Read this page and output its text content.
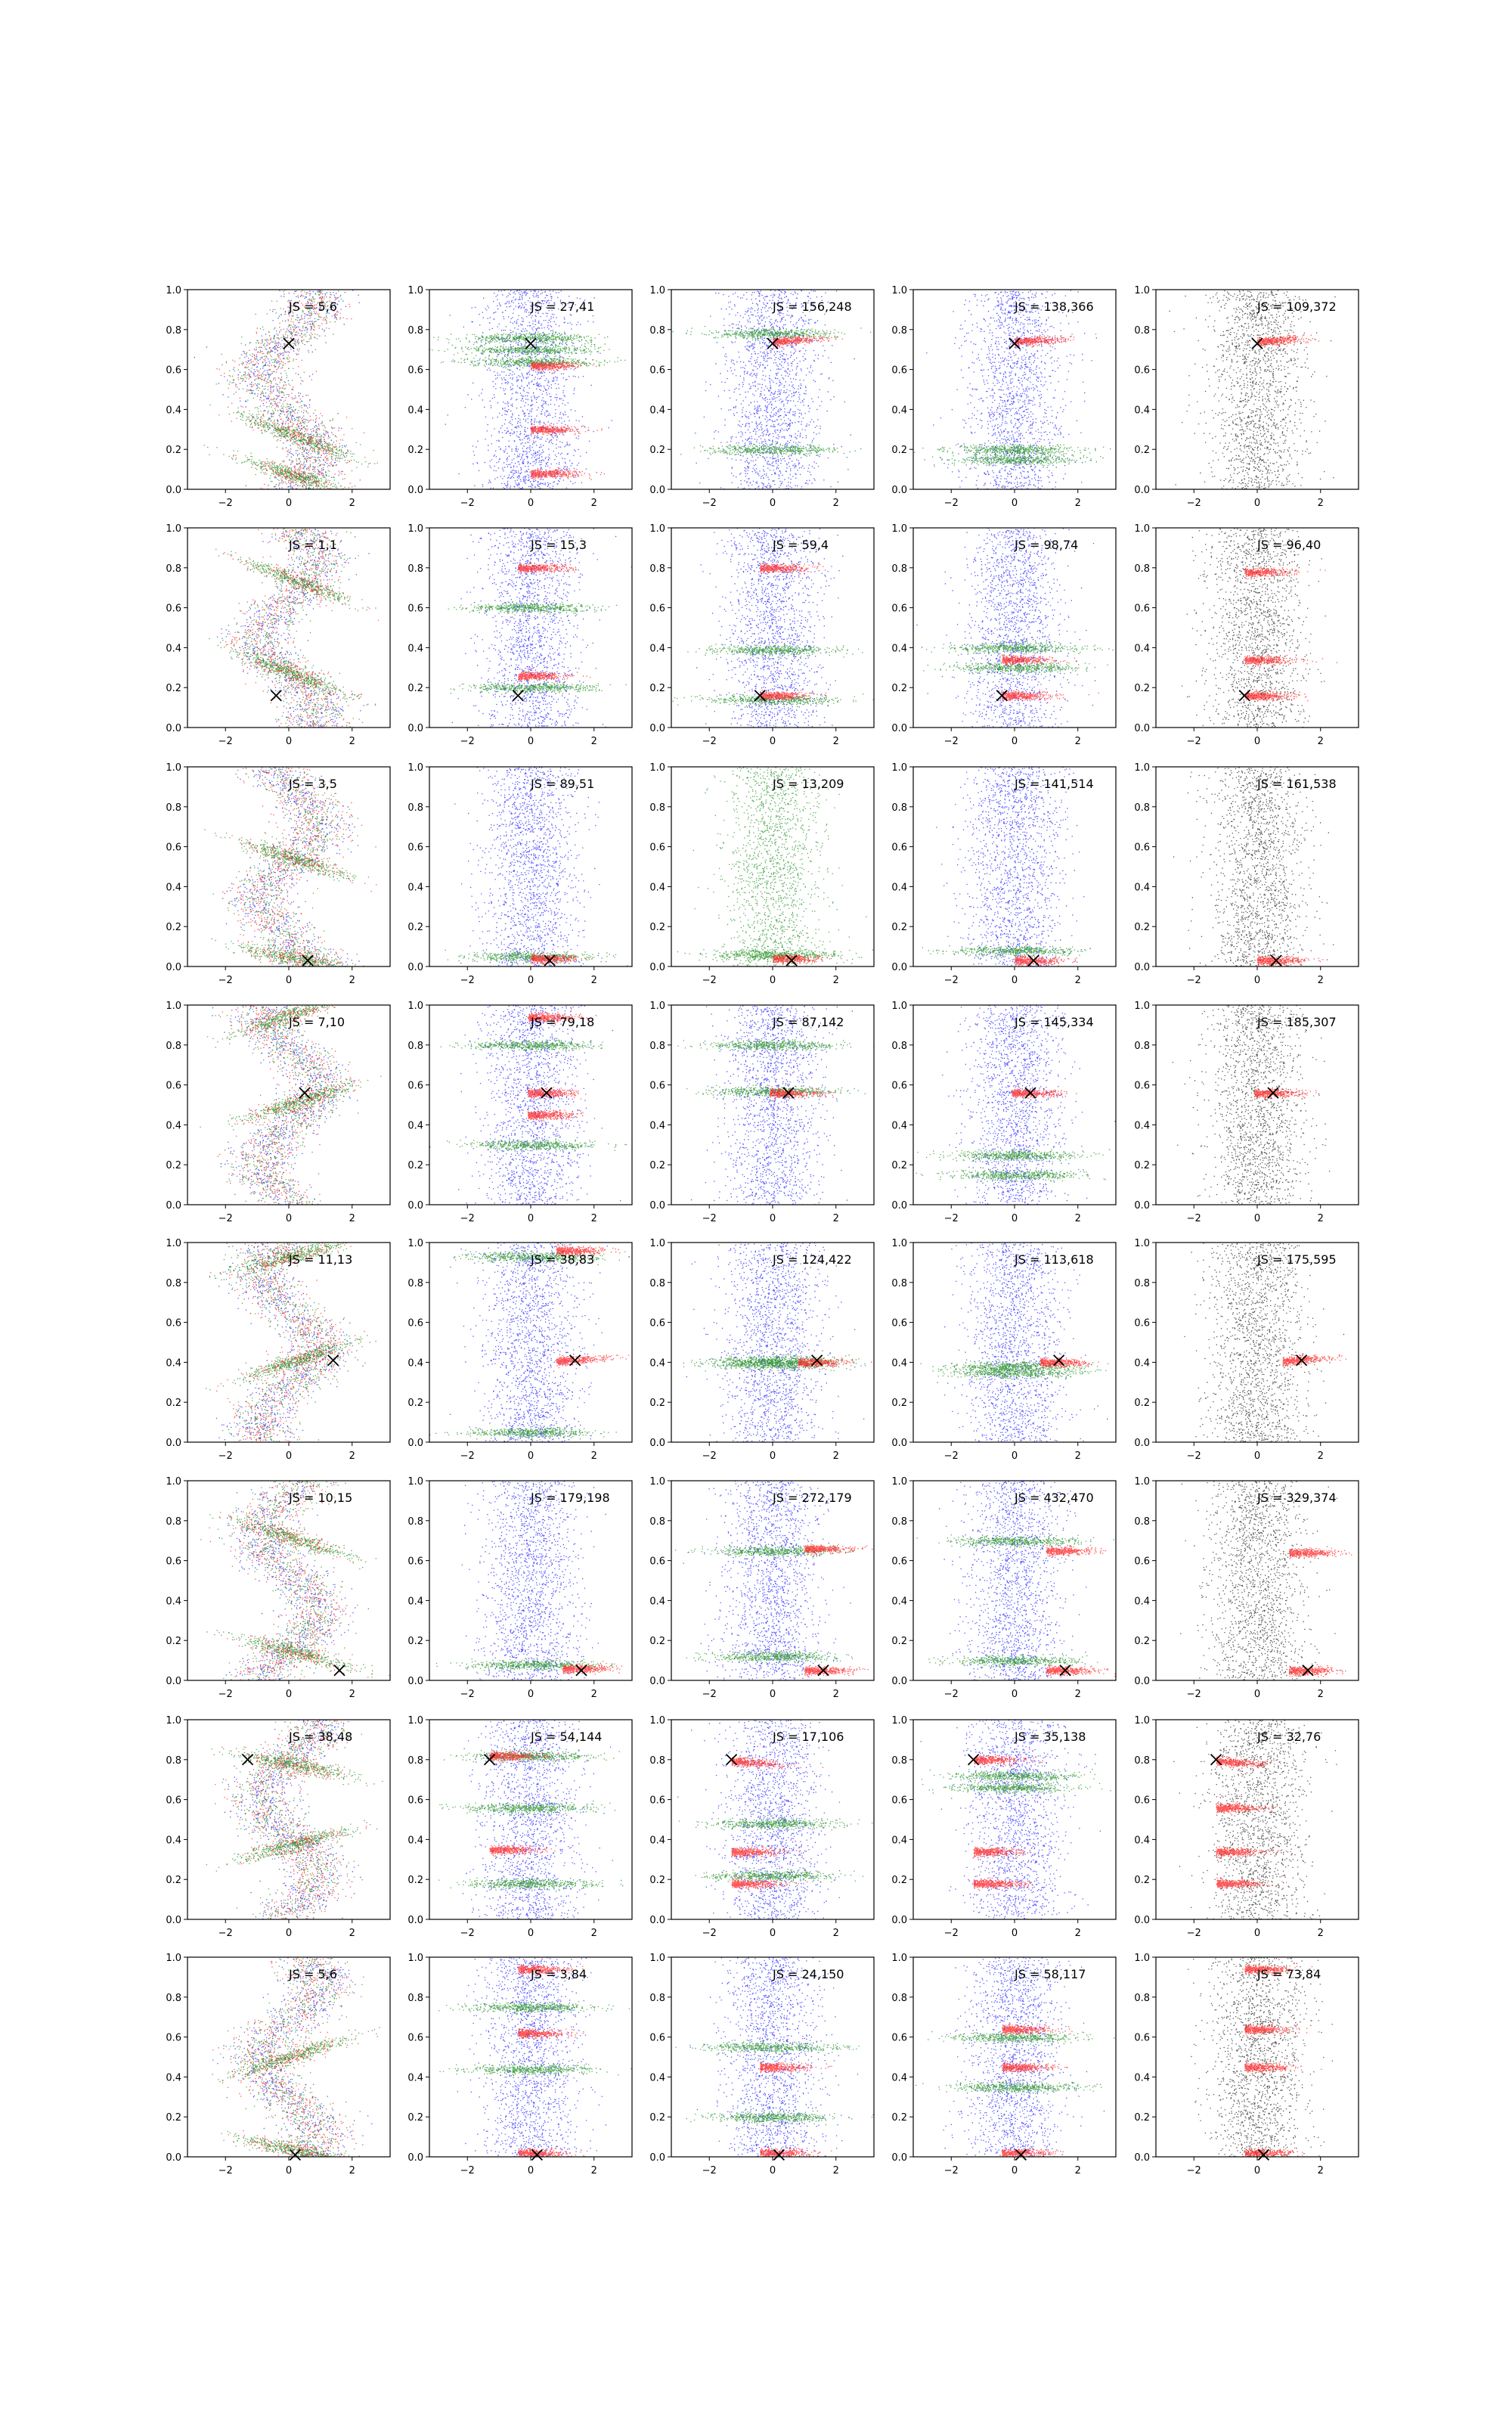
0.0
0.2
0.4
0.6
0.8
1.0
−2	0	2
JS = 5,6
0.0
0.2
0.4
0.6
0.8
1.0
−2	0	2
JS = 27,41
0.0
0.2
0.4
0.6
0.8
1.0
−2	0	2
JS = 156,248
0.0
0.2
0.4
0.6
0.8
1.0
−2	0	2
JS = 138,366
0.0
0.2
0.4
0.6
0.8
1.0
−2	0	2
JS = 109,372
0.0
0.2
0.4
0.6
0.8
1.0
−2	0	2
JS = 1,1
0.0
0.2
0.4
0.6
0.8
1.0
−2	0	2
JS = 15,3
0.0
0.2
0.4
0.6
0.8
1.0
−2	0	2
JS = 59,4
0.0
0.2
0.4
0.6
0.8
1.0
−2	0	2
JS = 98,74
0.0
0.2
0.4
0.6
0.8
1.0
−2	0	2
JS = 96,40
0.0
0.2
0.4
0.6
0.8
1.0
−2	0	2
JS = 3,5
0.0
0.2
0.4
0.6
0.8
1.0
−2	0	2
JS = 89,51
0.0
0.2
0.4
0.6
0.8
1.0
−2	0	2
JS = 13,209
0.0
0.2
0.4
0.6
0.8
1.0
−2	0	2
JS = 141,514
0.0
0.2
0.4
0.6
0.8
1.0
−2	0	2
JS = 161,538
0.0
0.2
0.4
0.6
0.8
1.0
−2	0	2
JS = 7,10
0.0
0.2
0.4
0.6
0.8
1.0
−2	0	2
JS = 79,18
0.0
0.2
0.4
0.6
0.8
1.0
−2	0	2
JS = 87,142
0.0
0.2
0.4
0.6
0.8
1.0
−2	0	2
JS = 145,334
0.0
0.2
0.4
0.6
0.8
1.0
−2	0	2
JS = 185,307
0.0
0.2
0.4
0.6
0.8
1.0
−2	0	2
JS = 11,13
0.0
0.2
0.4
0.6
0.8
1.0
−2	0	2
JS = 38,83
0.0
0.2
0.4
0.6
0.8
1.0
−2	0	2
JS = 124,422
0.0
0.2
0.4
0.6
0.8
1.0
−2	0	2
JS = 113,618
0.0
0.2
0.4
0.6
0.8
1.0
−2	0	2
JS = 175,595
0.0
0.2
0.4
0.6
0.8
1.0
−2	0	2
JS = 10,15
0.0
0.2
0.4
0.6
0.8
1.0
−2	0	2
JS = 179,198
0.0
0.2
0.4
0.6
0.8
1.0
−2	0	2
JS = 272,179
0.0
0.2
0.4
0.6
0.8
1.0
−2	0	2
JS = 432,470
0.0
0.2
0.4
0.6
0.8
1.0
−2	0	2
JS = 329,374
0.0
0.2
0.4
0.6
0.8
1.0
−2	0	2
JS = 38,48
0.0
0.2
0.4
0.6
0.8
1.0
−2	0	2
JS = 54,144
0.0
0.2
0.4
0.6
0.8
1.0
−2	0	2
JS = 17,106
0.0
0.2
0.4
0.6
0.8
1.0
−2	0	2
JS = 35,138
0.0
0.2
0.4
0.6
0.8
1.0
−2	0	2
JS = 32,76
0.0
0.2
0.4
0.6
0.8
1.0
−2	0	2
JS = 5,6
0.0
0.2
0.4
0.6
0.8
1.0
−2	0	2
JS = 3,84
0.0
0.2
0.4
0.6
0.8
1.0
−2	0	2
JS = 24,150
0.0
0.2
0.4
0.6
0.8
1.0
−2	0	2
JS = 58,117
0.0
0.2
0.4
0.6
0.8
1.0
−2	0	2
JS = 73,84
